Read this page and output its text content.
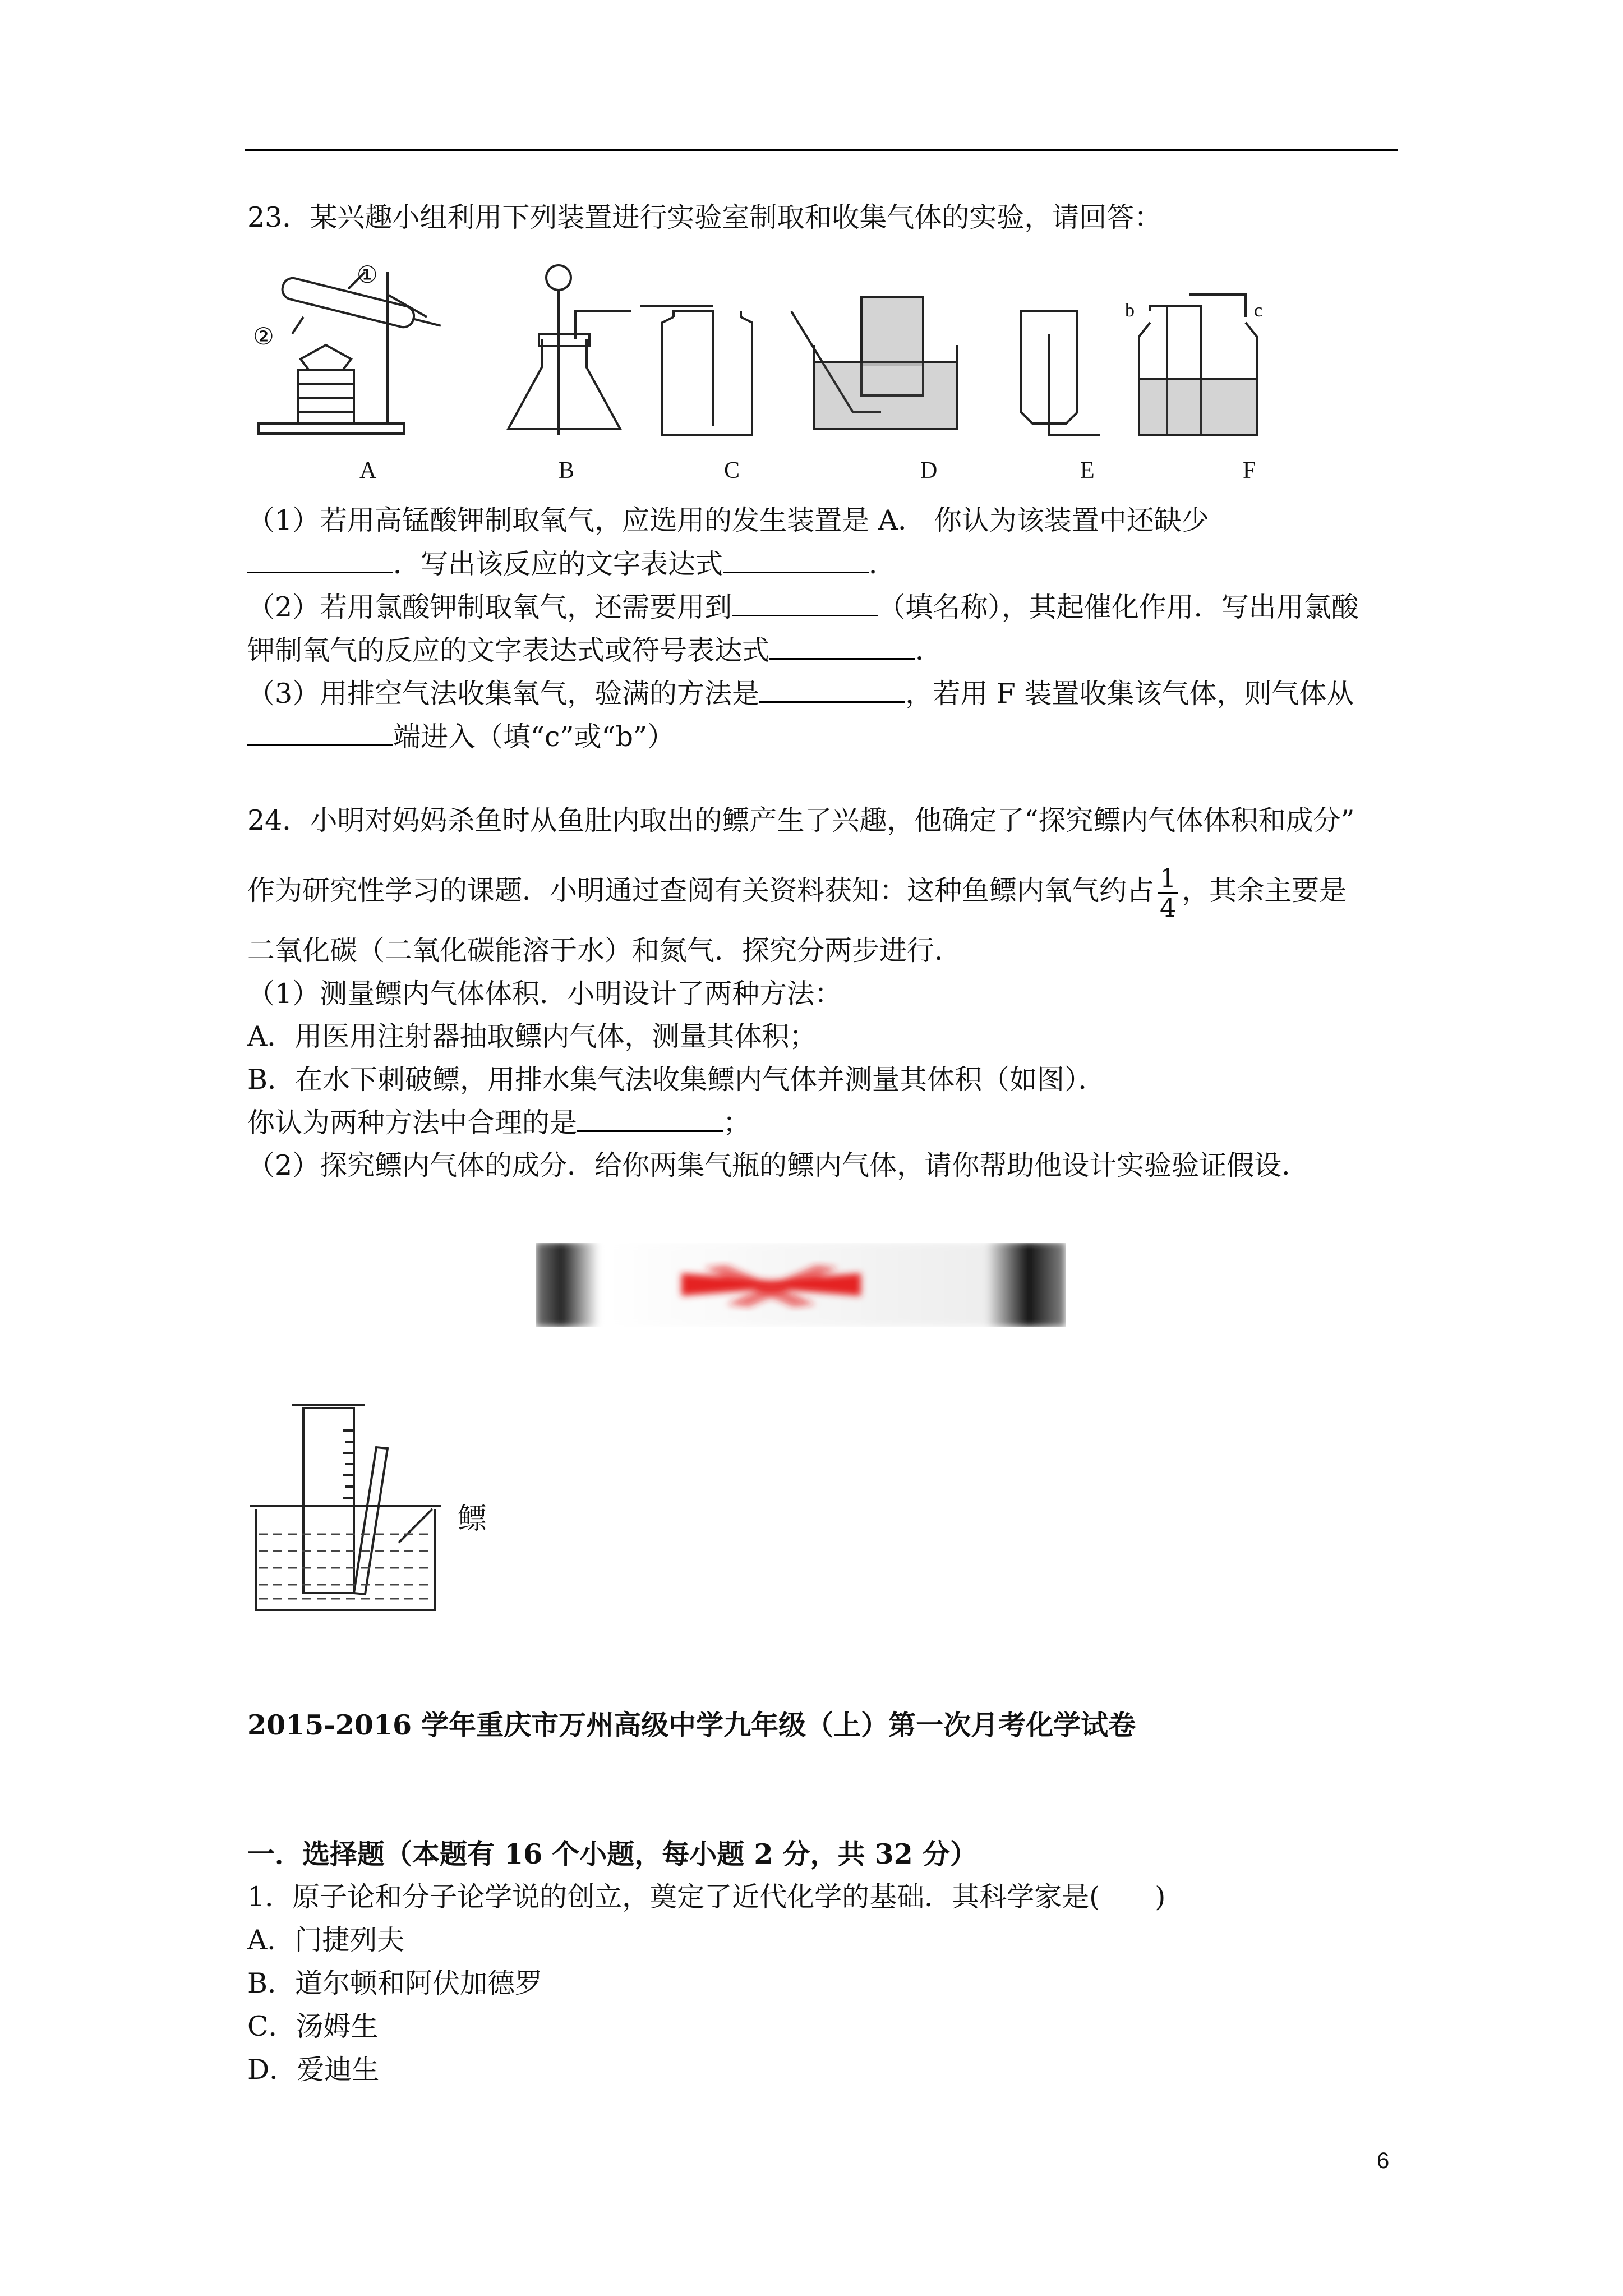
23．某兴趣小组利用下列装置进行实验室制取和收集气体的实验，请回答：
①
②
b	c
A	B	C	D	E	F
（1）若用高锰酸钾制取氧气，应选用的发生装置是 A． 你认为该装置中还缺少
．写出该反应的文字表达式	．
（2）若用氯酸钾制取氧气，还需要用到	（填名称），其起催化作用．写出用氯酸
钾制氧气的反应的文字表达式或符号表达式	．
（3）用排空气法收集氧气，验满的方法是	，若用 F 装置收集该气体，则气体从
端进入（填“c”或“b”）
24．小明对妈妈杀鱼时从鱼肚内取出的鳔产生了兴趣，他确定了“探究鳔内气体体积和成分”
作为研究性学习的课题．小明通过查阅有关资料获知：这种鱼鳔内氧气约占 $\frac{1}{4}$ ，其余主要是
二氧化碳（二氧化碳能溶于水）和氮气．探究分两步进行．
（1）测量鳔内气体体积．小明设计了两种方法：
A．用医用注射器抽取鳔内气体，测量其体积；
B．在水下刺破鳔，用排水集气法收集鳔内气体并测量其体积（如图）．
你认为两种方法中合理的是	；
（2）探究鳔内气体的成分．给你两集气瓶的鳔内气体，请你帮助他设计实验验证假设．
鳔
2015-2016 学年重庆市万州高级中学九年级（上）第一次月考化学试卷
一．选择题（本题有 16 个小题，每小题 2 分，共 32 分）
1．原子论和分子论学说的创立，奠定了近代化学的基础．其科学家是(　　)
A．门捷列夫
B．道尔顿和阿伏加德罗
C．汤姆生
D．爱迪生
6
